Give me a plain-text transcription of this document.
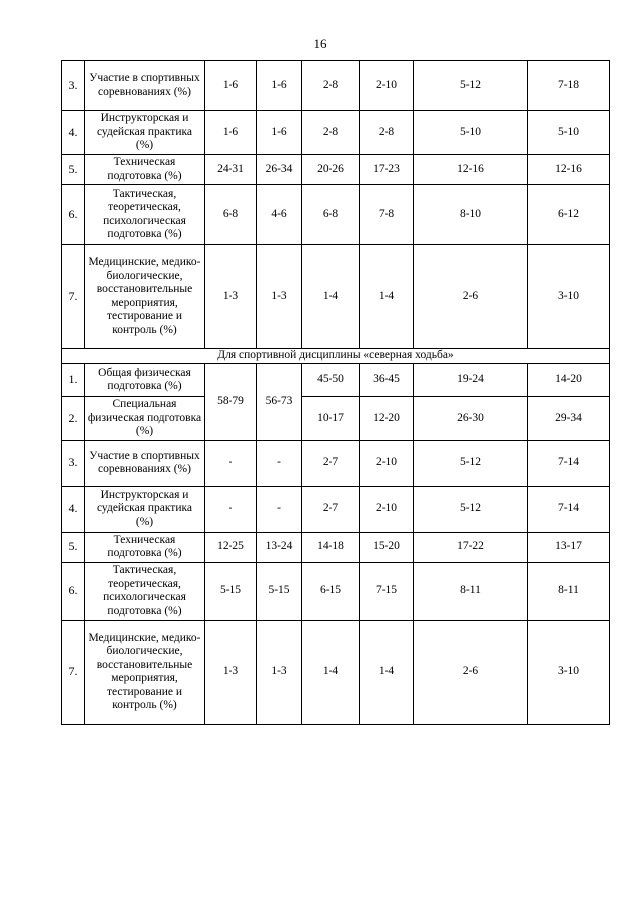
16
3.	Участие в спортивных соревнованиях (%)	1-6	1-6	2-8	2-10	5-12	7-18
4.	Инструкторская и судейская практика (%)	1-6	1-6	2-8	2-8	5-10	5-10
5.	Техническая подготовка (%)	24-31	26-34	20-26	17-23	12-16	12-16
6.	Тактическая, теоретическая, психологическая подготовка (%)	6-8	4-6	6-8	7-8	8-10	6-12
7.	Медицинские, медико-биологические, восстановительные мероприятия, тестирование и контроль (%)	1-3	1-3	1-4	1-4	2-6	3-10
Для спортивной дисциплины «северная ходьба»							
1.	Общая физическая подготовка (%)	58-79	56-73	45-50	36-45	19-24	14-20
2.	Специальная физическая подготовка (%)			10-17	12-20	26-30	29-34
3.	Участие в спортивных соревнованиях (%)	-	-	2-7	2-10	5-12	7-14
4.	Инструкторская и судейская практика (%)	-	-	2-7	2-10	5-12	7-14
5.	Техническая подготовка (%)	12-25	13-24	14-18	15-20	17-22	13-17
6.	Тактическая, теоретическая, психологическая подготовка (%)	5-15	5-15	6-15	7-15	8-11	8-11
7.	Медицинские, медико-биологические, восстановительные мероприятия, тестирование и контроль (%)	1-3	1-3	1-4	1-4	2-6	3-10
